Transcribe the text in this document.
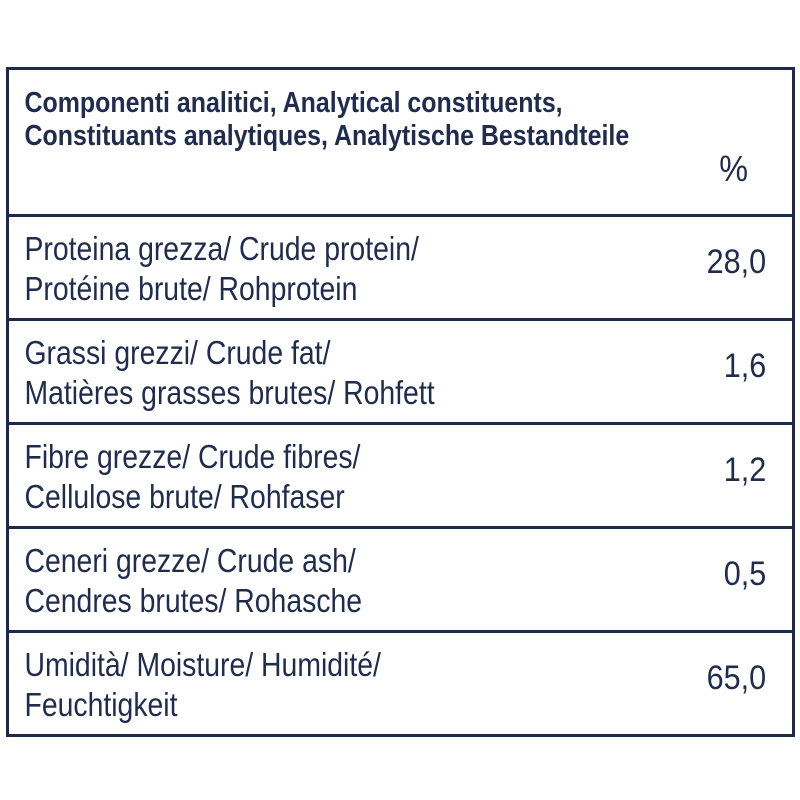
Componenti analitici, Analytical constituents, Constituants analytiques, Analytische Bestandteile
%
Proteina grezza/ Crude protein/
Protéine brute/ Rohprotein
28,0
Grassi grezzi/ Crude fat/
Matières grasses brutes/ Rohfett
1,6
Fibre grezze/ Crude fibres/
Cellulose brute/ Rohfaser
1,2
Ceneri grezze/ Crude ash/
Cendres brutes/ Rohasche
0,5
Umidità/ Moisture/ Humidité/
Feuchtigkeit
65,0
